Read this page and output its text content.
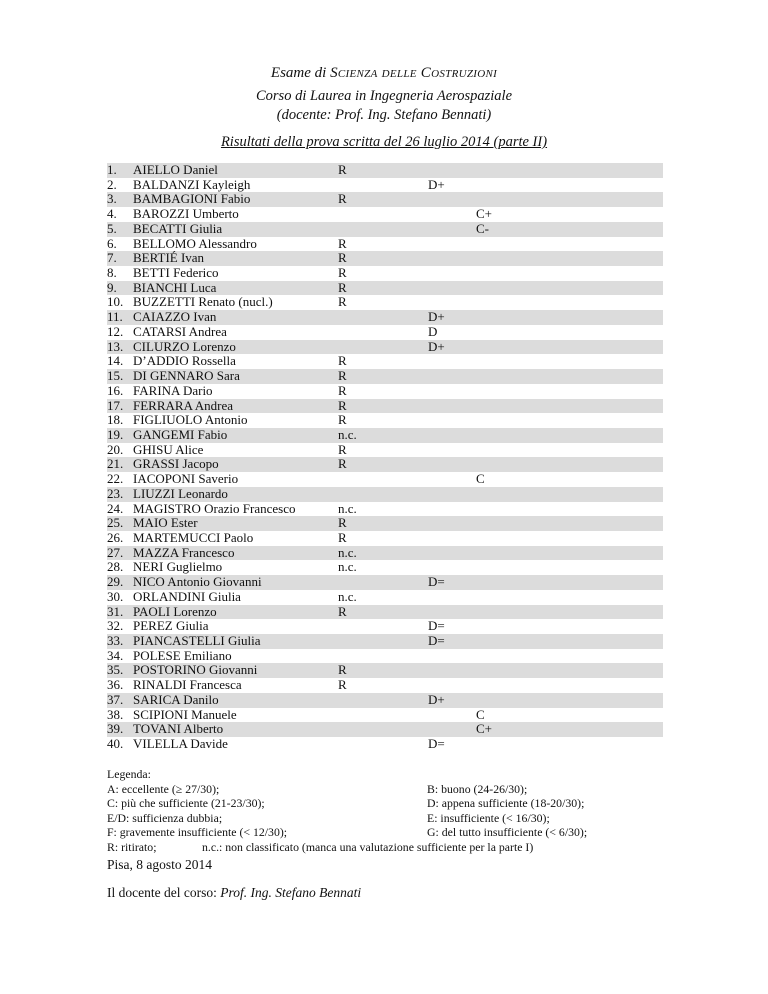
Esame di Scienza delle Costruzioni
Corso di Laurea in Ingegneria Aerospaziale
(docente: Prof. Ing. Stefano Bennati)
Risultati della prova scritta del 26 luglio 2014 (parte II)
1. AIELLO Daniel	R
2. BALDANZI Kayleigh	D+
3. BAMBAGIONI Fabio	R
4. BAROZZI Umberto	C+
5. BECATTI Giulia	C-
6. BELLOMO Alessandro	R
7. BERTIÉ Ivan	R
8. BETTI Federico	R
9. BIANCHI Luca	R
10. BUZZETTI Renato (nucl.)	R
11. CAIAZZO Ivan	D+
12. CATARSI Andrea	D
13. CILURZO Lorenzo	D+
14. D’ADDIO Rossella	R
15. DI GENNARO Sara	R
16. FARINA Dario	R
17. FERRARA Andrea	R
18. FIGLIUOLO Antonio	R
19. GANGEMI Fabio	n.c.
20. GHISU Alice	R
21. GRASSI Jacopo	R
22. IACOPONI Saverio	C
23. LIUZZI Leonardo
24. MAGISTRO Orazio Francesco	n.c.
25. MAIO Ester	R
26. MARTEMUCCI Paolo	R
27. MAZZA Francesco	n.c.
28. NERI Guglielmo	n.c.
29. NICO Antonio Giovanni	D=
30. ORLANDINI Giulia	n.c.
31. PAOLI Lorenzo	R
32. PEREZ Giulia	D=
33. PIANCASTELLI Giulia	D=
34. POLESE Emiliano
35. POSTORINO Giovanni	R
36. RINALDI Francesca	R
37. SARICA Danilo	D+
38. SCIPIONI Manuele	C
39. TOVANI Alberto	C+
40. VILELLA Davide	D=
Legenda:
A: eccellente (≥ 27/30);	B: buono (24-26/30);
C: più che sufficiente (21-23/30);	D: appena sufficiente (18-20/30);
E/D: sufficienza dubbia;	E: insufficiente (< 16/30);
F: gravemente insufficiente (< 12/30);	G: del tutto insufficiente (< 6/30);
R: ritirato;	n.c.: non classificato (manca una valutazione sufficiente per la parte I)
Pisa, 8 agosto 2014
Il docente del corso: Prof. Ing. Stefano Bennati
